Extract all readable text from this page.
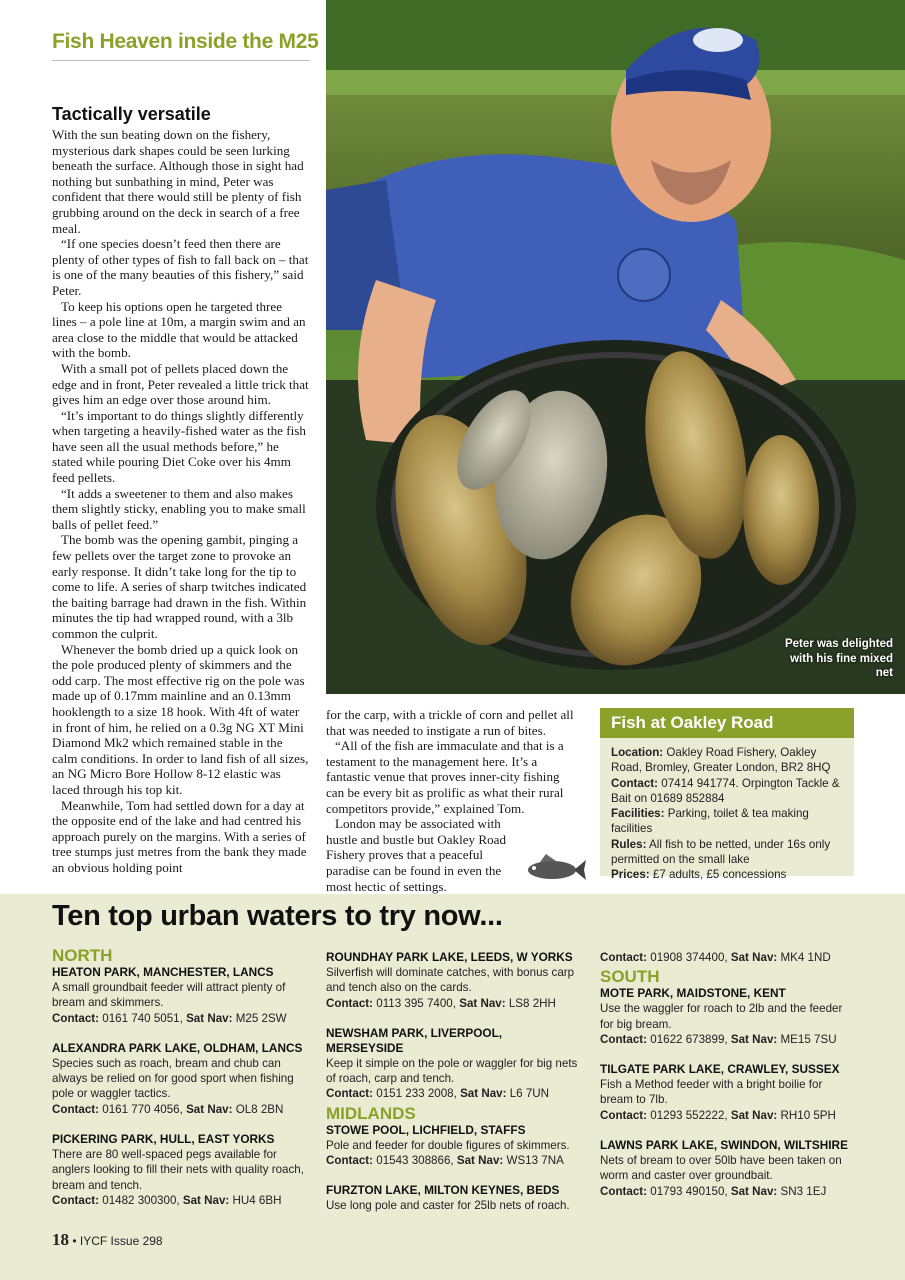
Fish Heaven inside the M25
Tactically versatile

With the sun beating down on the fishery, mysterious dark shapes could be seen lurking beneath the surface. Although those in sight had nothing but sunbathing in mind, Peter was confident that there would still be plenty of fish grubbing around on the deck in search of a free meal.

“If one species doesn’t feed then there are plenty of other types of fish to fall back on – that is one of the many beauties of this fishery,” said Peter.

To keep his options open he targeted three lines – a pole line at 10m, a margin swim and an area close to the middle that would be attacked with the bomb.

With a small pot of pellets placed down the edge and in front, Peter revealed a little trick that gives him an edge over those around him.

“It’s important to do things slightly differently when targeting a heavily-fished water as the fish have seen all the usual methods before,” he stated while pouring Diet Coke over his 4mm feed pellets.

“It adds a sweetener to them and also makes them slightly sticky, enabling you to make small balls of pellet feed.”

The bomb was the opening gambit, pinging a few pellets over the target zone to provoke an early response. It didn’t take long for the tip to come to life. A series of sharp twitches indicated the baiting barrage had drawn in the fish. Within minutes the tip had wrapped round, with a 3lb common the culprit.

Whenever the bomb dried up a quick look on the pole produced plenty of skimmers and the odd carp. The most effective rig on the pole was made up of 0.17mm mainline and an 0.13mm hooklength to a size 18 hook. With 4ft of water in front of him, he relied on a 0.3g NG XT Mini Diamond Mk2 which remained stable in the calm conditions. In order to land fish of all sizes, an NG Micro Bore Hollow 8-12 elastic was laced through his top kit.

Meanwhile, Tom had settled down for a day at the opposite end of the lake and had centred his approach purely on the margins. With a series of tree stumps just metres from the bank they made an obvious holding point

Peter was delighted with his fine mixed net

for the carp, with a trickle of corn and pellet all that was needed to instigate a run of bites.

“All of the fish are immaculate and that is a testament to the management here. It’s a fantastic venue that proves inner-city fishing can be every bit as prolific as what their rural competitors provide,” explained Tom.

London may be associated with hustle and bustle but Oakley Road Fishery proves that a peaceful paradise can be found in even the most hectic of settings.

Fish at Oakley Road
Location: Oakley Road Fishery, Oakley Road, Bromley, Greater London, BR2 8HQ
Contact: 07414 941774. Orpington Tackle & Bait on 01689 852884
Facilities: Parking, toilet & tea making facilities
Rules: All fish to be netted, under 16s only permitted on the small lake
Prices: £7 adults, £5 concessions
Ten top urban waters to try now...

NORTH

HEATON PARK, MANCHESTER, LANCS

A small groundbait feeder will attract plenty of bream and skimmers.

Contact: 0161 740 5051, Sat Nav: M25 2SW

ALEXANDRA PARK LAKE, OLDHAM, LANCS

Species such as roach, bream and chub can always be relied on for good sport when fishing pole or waggler tactics.

Contact: 0161 770 4056, Sat Nav: OL8 2BN

PICKERING PARK, HULL, EAST YORKS

There are 80 well-spaced pegs available for anglers looking to fill their nets with quality roach, bream and tench.

Contact: 01482 300300, Sat Nav: HU4 6BH

ROUNDHAY PARK LAKE, LEEDS, W YORKS

Silverfish will dominate catches, with bonus carp and tench also on the cards.

Contact: 0113 395 7400, Sat Nav: LS8 2HH

NEWSHAM PARK, LIVERPOOL, MERSEYSIDE

Keep it simple on the pole or waggler for big nets of roach, carp and tench.

Contact: 0151 233 2008, Sat Nav: L6 7UN

MIDLANDS

STOWE POOL, LICHFIELD, STAFFS

Pole and feeder for double figures of skimmers.

Contact: 01543 308866, Sat Nav: WS13 7NA

FURZTON LAKE, MILTON KEYNES, BEDS

Use long pole and caster for 25lb nets of roach.

Contact: 01908 374400, Sat Nav: MK4 1ND

SOUTH

MOTE PARK, MAIDSTONE, KENT

Use the waggler for roach to 2lb and the feeder for big bream.

Contact: 01622 673899, Sat Nav: ME15 7SU

TILGATE PARK LAKE, CRAWLEY, SUSSEX

Fish a Method feeder with a bright boilie for bream to 7lb.

Contact: 01293 552222, Sat Nav: RH10 5PH

LAWNS PARK LAKE, SWINDON, WILTSHIRE

Nets of bream to over 50lb have been taken on worm and caster over groundbait.

Contact: 01793 490150, Sat Nav: SN3 1EJ

18 • IYCF Issue 298
